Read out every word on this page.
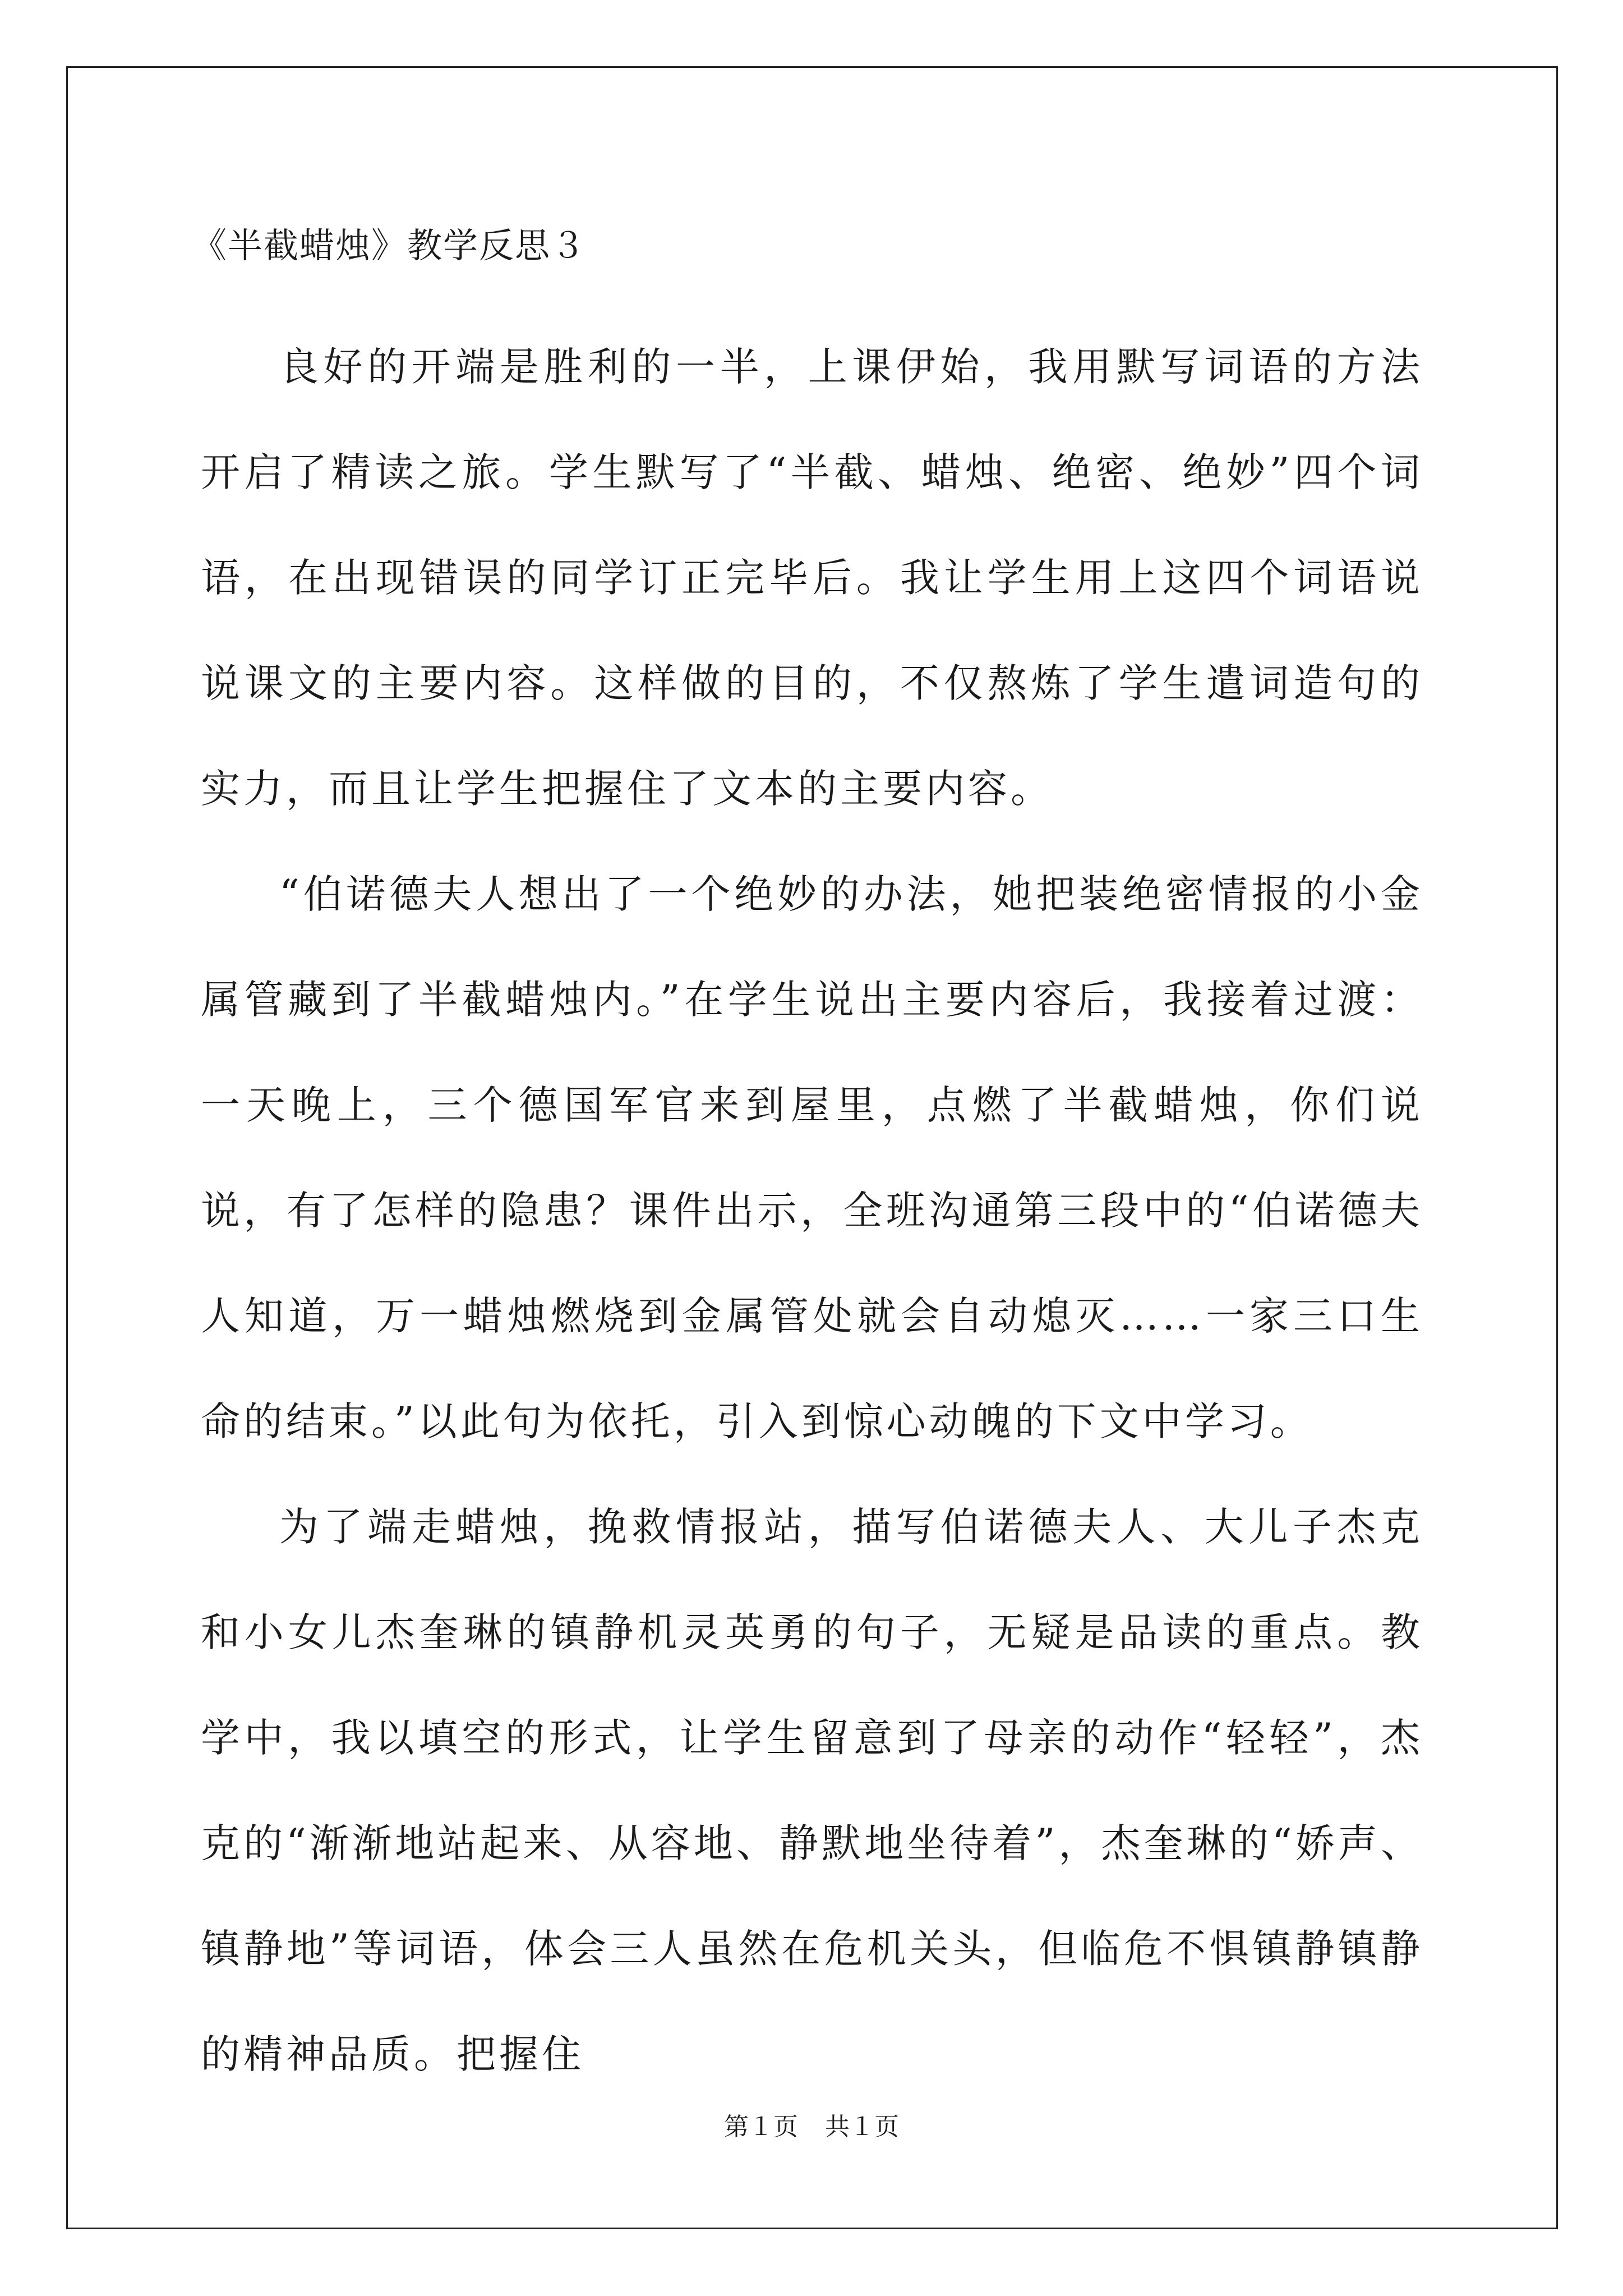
《半截蜡烛》教学反思３

良好的开端是胜利的一半，上课伊始，我用默写词语的方法开启了精读之旅。学生默写了“半截、蜡烛、绝密、绝妙”四个词语，在出现错误的同学订正完毕后。我让学生用上这四个词语说说课文的主要内容。这样做的目的，不仅熬炼了学生遣词造句的实力，而且让学生把握住了文本的主要内容。

“伯诺德夫人想出了一个绝妙的办法，她把装绝密情报的小金属管藏到了半截蜡烛内。”在学生说出主要内容后，我接着过渡：一天晚上，三个德国军官来到屋里，点燃了半截蜡烛，你们说说，有了怎样的隐患？课件出示，全班沟通第三段中的“伯诺德夫人知道，万一蜡烛燃烧到金属管处就会自动熄灭……一家三口生命的结束。”以此句为依托，引入到惊心动魄的下文中学习。

为了端走蜡烛，挽救情报站，描写伯诺德夫人、大儿子杰克和小女儿杰奎琳的镇静机灵英勇的句子，无疑是品读的重点。教学中，我以填空的形式，让学生留意到了母亲的动作“轻轻”，杰克的“渐渐地站起来、从容地、静默地坐待着”，杰奎琳的“娇声、镇静地”等词语，体会三人虽然在危机关头，但临危不惧镇静镇静的精神品质。把握住

第１页 共１页
